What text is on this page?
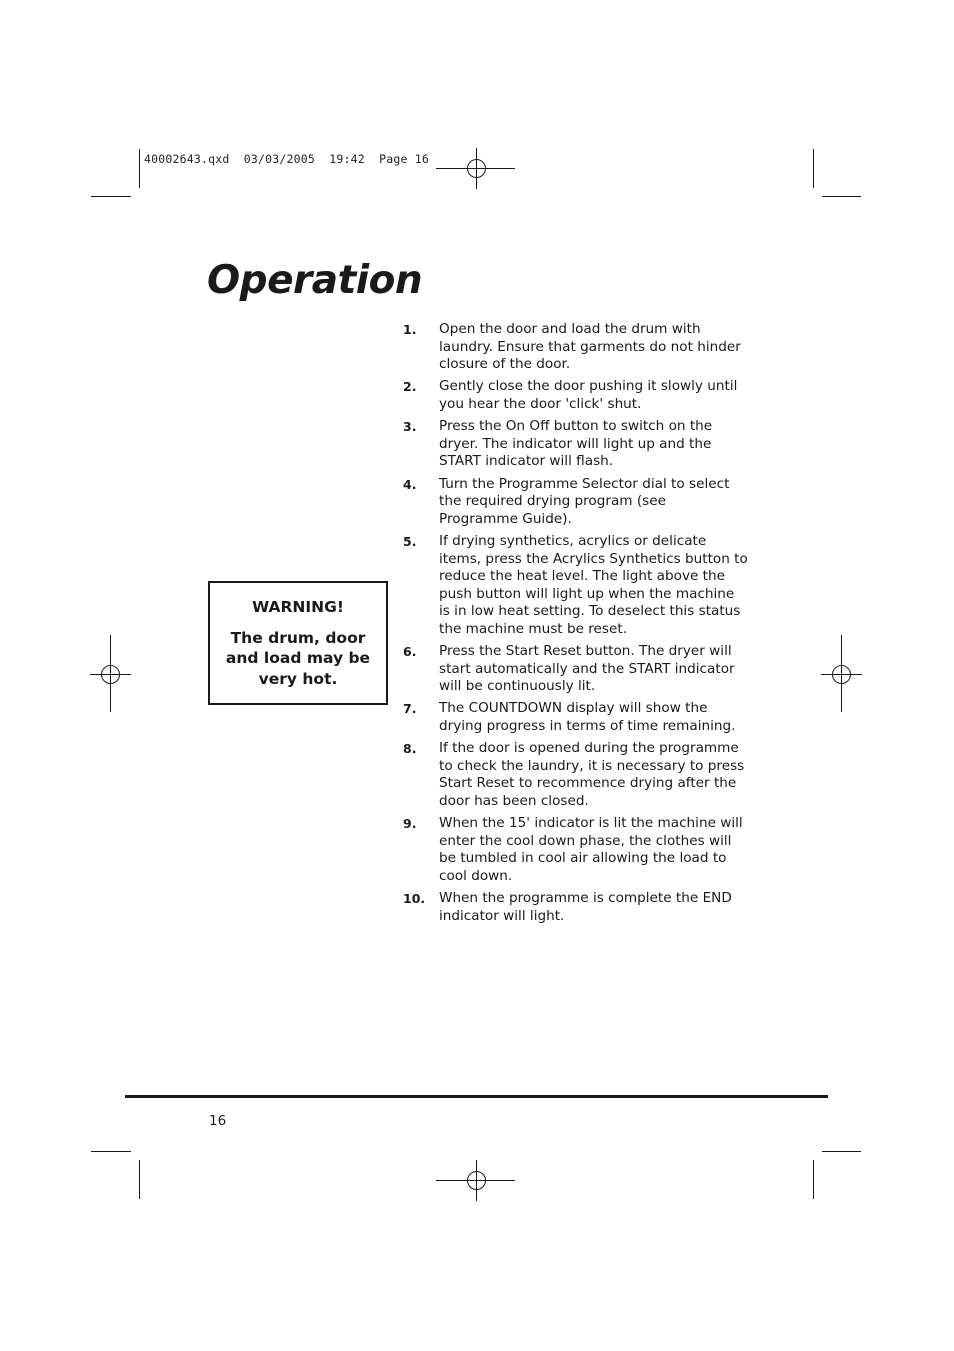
40002643.qxd  03/03/2005  19:42  Page 16
Operation
1.	Open the door and load the drum with laundry. Ensure that garments do not hinder closure of the door.
2.	Gently close the door pushing it slowly until you hear the door 'click' shut.
3.	Press the On Off button to switch on the dryer. The indicator will light up and the START indicator will flash.
4.	Turn the Programme Selector dial to select the required drying program (see Programme Guide).
5.	If drying synthetics, acrylics or delicate items, press the Acrylics Synthetics button to reduce the heat level. The light above the push button will light up when the machine is in low heat setting. To deselect this status the machine must be reset.
6.	Press the Start Reset button. The dryer will start automatically and the START indicator will be continuously lit.
7.	The COUNTDOWN display will show the drying progress in terms of time remaining.
8.	If the door is opened during the programme to check the laundry, it is necessary to press Start Reset to recommence drying after the door has been closed.
9.	When the 15' indicator is lit the machine will enter the cool down phase, the clothes will be tumbled in cool air allowing the load to cool down.
10.	When the programme is complete the END indicator will light.
WARNING!
The drum, door and load may be very hot.
16
